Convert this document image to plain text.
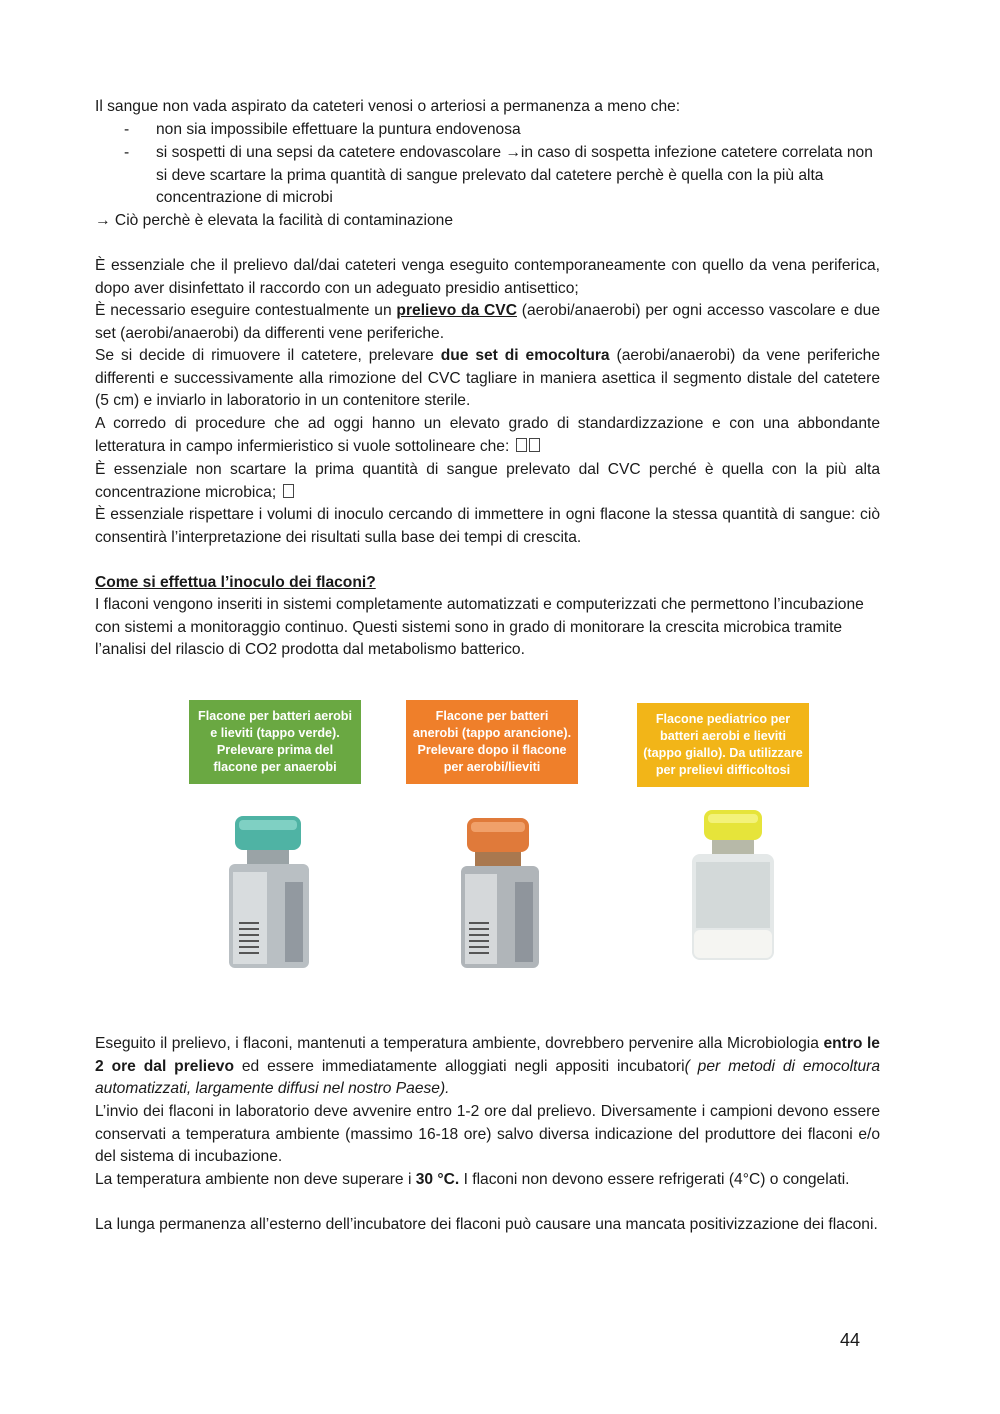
Il sangue non vada aspirato da cateteri venosi o arteriosi a permanenza a meno che:
- non sia impossibile effettuare la puntura endovenosa
- si sospetti di una sepsi da catetere endovascolare →in caso di sospetta infezione catetere correlata non si deve scartare la prima quantità di sangue prelevato dal catetere perchè è quella con la più alta concentrazione di microbi
→ Ciò perchè è elevata la facilità di contaminazione
È essenziale che il prelievo dal/dai cateteri venga eseguito contemporaneamente con quello da vena periferica, dopo aver disinfettato il raccordo con un adeguato presidio antisettico;
È necessario eseguire contestualmente un prelievo da CVC (aerobi/anaerobi) per ogni accesso vascolare e due set (aerobi/anaerobi) da differenti vene periferiche.
Se si decide di rimuovere il catetere, prelevare due set di emocoltura (aerobi/anaerobi) da vene periferiche differenti e successivamente alla rimozione del CVC tagliare in maniera asettica il segmento distale del catetere (5 cm) e inviarlo in laboratorio in un contenitore sterile.
A corredo di procedure che ad oggi hanno un elevato grado di standardizzazione e con una abbondante letteratura in campo infermieristico si vuole sottolineare che:
È essenziale non scartare la prima quantità di sangue prelevato dal CVC perché è quella con la più alta concentrazione microbica;
È essenziale rispettare i volumi di inoculo cercando di immettere in ogni flacone la stessa quantità di sangue: ciò consentirà l’interpretazione dei risultati sulla base dei tempi di crescita.
Come si effettua l’inoculo dei flaconi?
I flaconi vengono inseriti in sistemi completamente automatizzati e computerizzati che permettono l’incubazione con sistemi a monitoraggio continuo. Questi sistemi sono in grado di monitorare la crescita microbica tramite l’analisi del rilascio di CO2 prodotta dal metabolismo batterico.
Flacone per batteri aerobi e lieviti (tappo verde). Prelevare prima del flacone per anaerobi
Flacone per batteri anerobi (tappo arancione). Prelevare dopo il flacone per aerobi/lieviti
Flacone pediatrico per batteri aerobi e lieviti (tappo giallo). Da utilizzare per prelievi difficoltosi
Eseguito il prelievo, i flaconi, mantenuti a temperatura ambiente, dovrebbero pervenire alla Microbiologia entro le 2 ore dal prelievo ed essere immediatamente alloggiati negli appositi incubatori( per metodi di emocoltura automatizzati, largamente diffusi nel nostro Paese).
L’invio dei flaconi in laboratorio deve avvenire entro 1-2 ore dal prelievo. Diversamente i campioni devono essere conservati a temperatura ambiente (massimo 16-18 ore) salvo diversa indicazione del produttore dei flaconi e/o del sistema di incubazione.
La temperatura ambiente non deve superare i 30 °C. I flaconi non devono essere refrigerati (4°C) o congelati.
La lunga permanenza all’esterno dell’incubatore dei flaconi può causare una mancata positivizzazione dei flaconi.
44
